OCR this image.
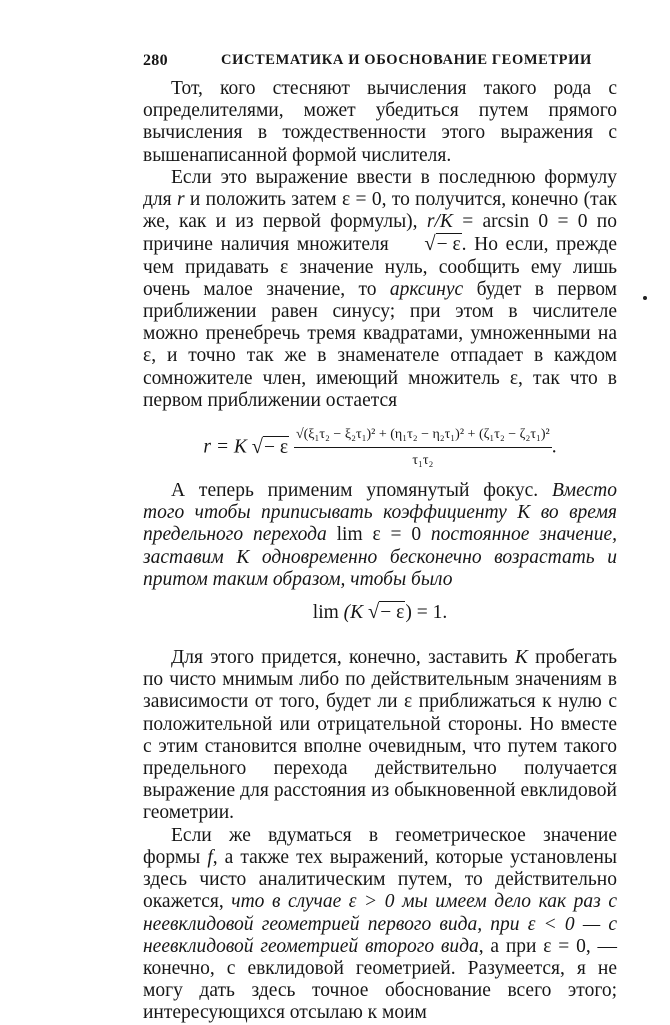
280	СИСТЕМАТИКА И ОБОСНОВАНИЕ ГЕОМЕТРИИ

Тот, кого стесняют вычисления такого рода с определителями, может убедиться путем прямого вычисления в тождественности этого выражения с вышенаписанной формой числителя.

Если это выражение ввести в последнюю формулу для r и положить затем ε = 0, то получится, конечно (так же, как и из первой формулы), r/K = arcsin 0 = 0 по причине наличия множителя √− ε. Но если, прежде чем придавать ε значение нуль, сообщить ему лишь очень малое значение, то арксинус будет в первом приближении равен синусу; при этом в числителе можно пренебречь тремя квадратами, умноженными на ε, и точно так же в знаменателе отпадает в каждом сомножителе член, имеющий множитель ε, так что в первом приближении остается

r = K √− ε $\frac{\text{√(ξ₁τ₂ − ξ₂τ₁)² + (η₁τ₂ − η₂τ₁)² + (ζ₁τ₂ − ζ₂τ₁)²}}{\text{τ₁τ₂}}$ .

А теперь применим упомянутый фокус. Вместо того чтобы приписывать коэффициенту K во время предельного перехода lim ε = 0 постоянное значение, заставим K одновременно бесконечно возрастать и притом таким образом, чтобы было

lim (K √− ε) = 1.

Для этого придется, конечно, заставить K пробегать по чисто мнимым либо по действительным значениям в зависимости от того, будет ли ε приближаться к нулю с положительной или отрицательной стороны. Но вместе с этим становится вполне очевидным, что путем такого предельного перехода действительно получается выражение для расстояния из обыкновенной евклидовой геометрии.

Если же вдуматься в геометрическое значение формы f, а также тех выражений, которые установлены здесь чисто аналитическим путем, то действительно окажется, что в случае ε > 0 мы имеем дело как раз с неевклидовой геометрией первого вида, при ε < 0 — с неевклидовой геометрией второго вида, а при ε = 0, — конечно, с евклидовой геометрией. Разумеется, я не могу дать здесь точное обоснование всего этого; интересующихся отсылаю к моим
